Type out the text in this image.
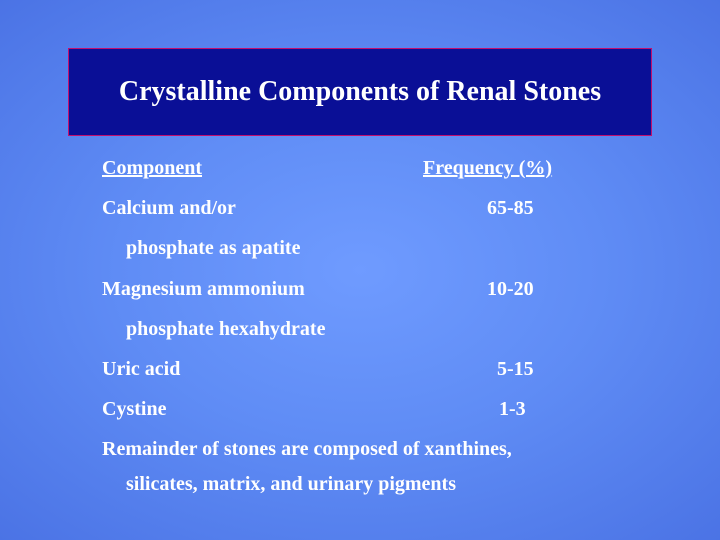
Crystalline Components of Renal Stones
Component	Frequency (%)
Calcium and/or	65-85
phosphate as apatite
Magnesium ammonium	10-20
phosphate hexahydrate
Uric acid	5-15
Cystine	1-3
Remainder of stones are composed of xanthines,
silicates, matrix, and urinary pigments
